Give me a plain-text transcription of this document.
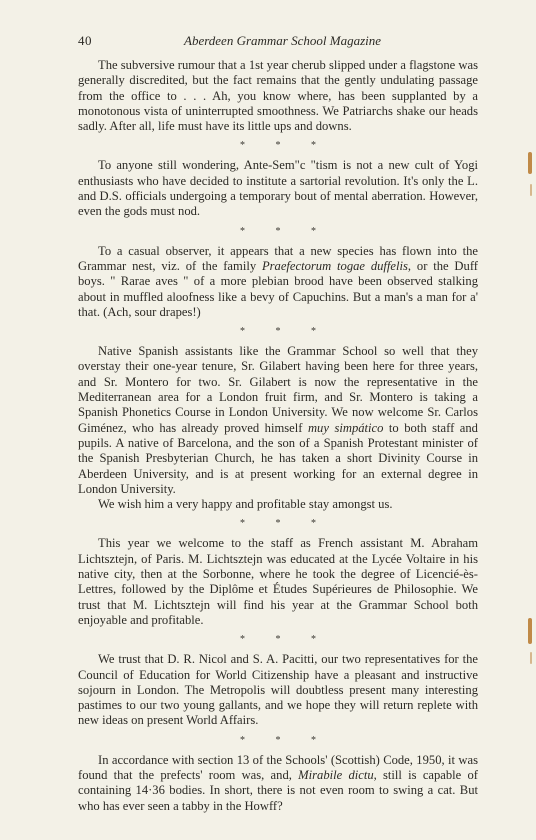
40	Aberdeen Grammar School Magazine

The subversive rumour that a 1st year cherub slipped under a flagstone was generally discredited, but the fact remains that the gently undulating passage from the office to . . . Ah, you know where, has been supplanted by a monotonous vista of uninterrupted smoothness. We Patriarchs shake our heads sadly. After all, life must have its little ups and downs.

* * *

To anyone still wondering, Ante-Sem"c "tism is not a new cult of Yogi enthusiasts who have decided to institute a sartorial revolution. It's only the L. and D.S. officials undergoing a temporary bout of mental aberration. However, even the gods must nod.

* * *

To a casual observer, it appears that a new species has flown into the Grammar nest, viz. of the family Praefectorum togae duffelis, or the Duff boys. " Rarae aves " of a more plebian brood have been observed stalking about in muffled aloofness like a bevy of Capuchins. But a man's a man for a' that. (Ach, sour drapes!)

* * *

Native Spanish assistants like the Grammar School so well that they overstay their one-year tenure, Sr. Gilabert having been here for three years, and Sr. Montero for two. Sr. Gilabert is now the representative in the Mediterranean area for a London fruit firm, and Sr. Montero is taking a Spanish Phonetics Course in London University. We now welcome Sr. Carlos Giménez, who has already proved himself muy simpático to both staff and pupils. A native of Barcelona, and the son of a Spanish Protestant minister of the Spanish Presbyterian Church, he has taken a short Divinity Course in Aberdeen University, and is at present working for an external degree in London University.

We wish him a very happy and profitable stay amongst us.

* * *

This year we welcome to the staff as French assistant M. Abraham Lichtsztejn, of Paris. M. Lichtsztejn was educated at the Lycée Voltaire in his native city, then at the Sorbonne, where he took the degree of Licencié-ès-Lettres, followed by the Diplôme et Études Supérieures de Philosophie. We trust that M. Lichtsztejn will find his year at the Grammar School both enjoyable and profitable.

* * *

We trust that D. R. Nicol and S. A. Pacitti, our two representatives for the Council of Education for World Citizenship have a pleasant and instructive sojourn in London. The Metropolis will doubtless present many interesting pastimes to our two young gallants, and we hope they will return replete with new ideas on present World Affairs.

* * *

In accordance with section 13 of the Schools' (Scottish) Code, 1950, it was found that the prefects' room was, and, Mirabile dictu, still is capable of containing 14·36 bodies. In short, there is not even room to swing a cat. But who has ever seen a tabby in the Howff?
